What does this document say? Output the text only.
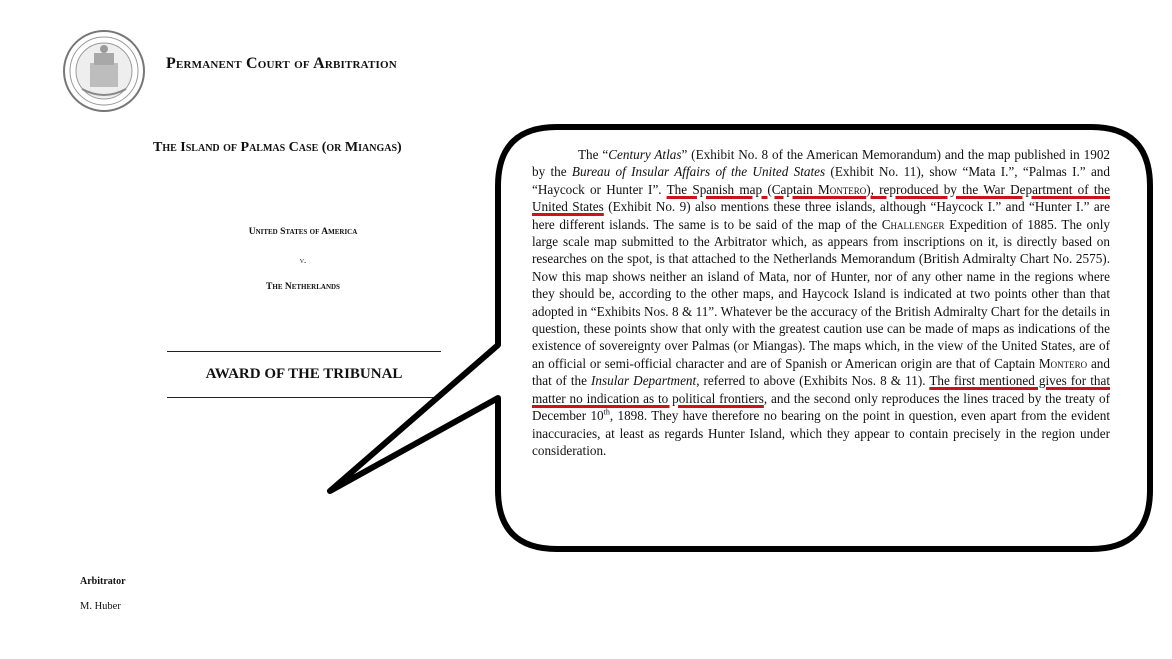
Permanent Court of Arbitration
The Island of Palmas Case (or Miangas)
United States of America
v.
The Netherlands
AWARD OF THE TRIBUNAL
Arbitrator
M. Huber

The “Century Atlas” (Exhibit No. 8 of the American Memorandum) and the map published in 1902 by the Bureau of Insular Affairs of the United States (Exhibit No. 11), show “Mata I.”, “Palmas I.” and “Haycock or Hunter I”. The Spanish map (Captain Montero), reproduced by the War Department of the United States (Exhibit No. 9) also mentions these three islands, although “Haycock I.” and “Hunter I.” are here different islands. The same is to be said of the map of the Challenger Expedition of 1885. The only large scale map submitted to the Arbitrator which, as appears from inscriptions on it, is directly based on researches on the spot, is that attached to the Netherlands Memorandum (British Admiralty Chart No. 2575). Now this map shows neither an island of Mata, nor of Hunter, nor of any other name in the regions where they should be, according to the other maps, and Haycock Island is indicated at two points other than that adopted in “Exhibits Nos. 8 & 11”. Whatever be the accuracy of the British Admiralty Chart for the details in question, these points show that only with the greatest caution use can be made of maps as indications of the existence of sovereignty over Palmas (or Miangas). The maps which, in the view of the United States, are of an official or semi-official character and are of Spanish or American origin are that of Captain Montero and that of the Insular Department, referred to above (Exhibits Nos. 8 & 11). The first mentioned gives for that matter no indication as to political frontiers, and the second only reproduces the lines traced by the treaty of December 10th, 1898. They have therefore no bearing on the point in question, even apart from the evident inaccuracies, at least as regards Hunter Island, which they appear to contain precisely in the region under consideration.
